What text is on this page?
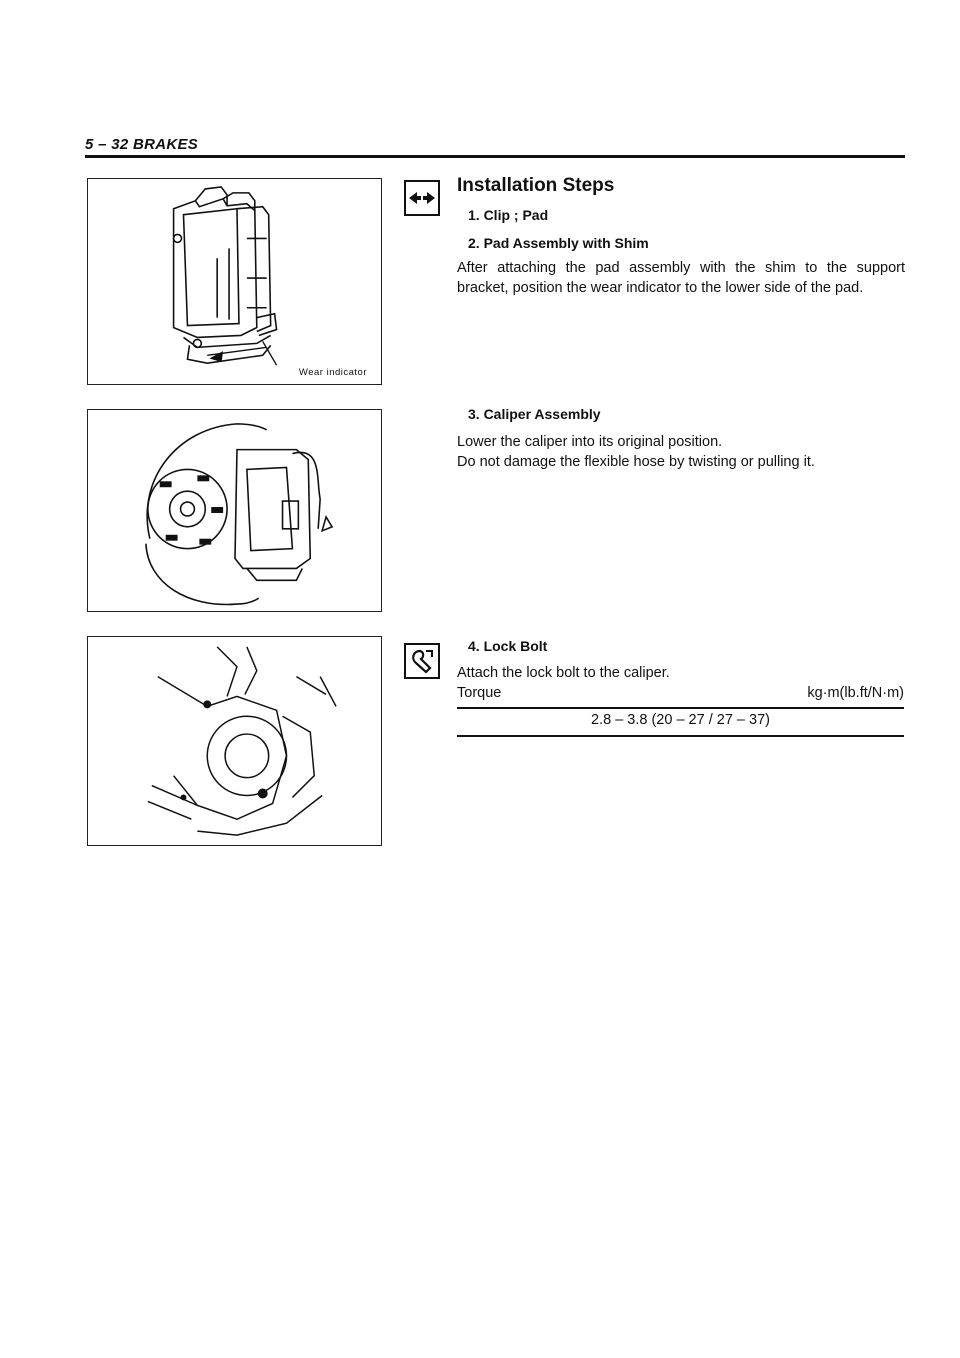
5 – 32 BRAKES
Wear indicator
Installation Steps
1. Clip ; Pad
2. Pad Assembly with Shim
After attaching the pad assembly with the shim to the support bracket, position the wear indicator to the lower side of the pad.
3. Caliper Assembly

Lower the caliper into its original position.

Do not damage the flexible hose by twisting or pulling it.

4. Lock Bolt
Attach the lock bolt to the caliper.
Torque	kg·m(lb.ft/N·m)
2.8 – 3.8 (20 – 27 / 27 – 37)
